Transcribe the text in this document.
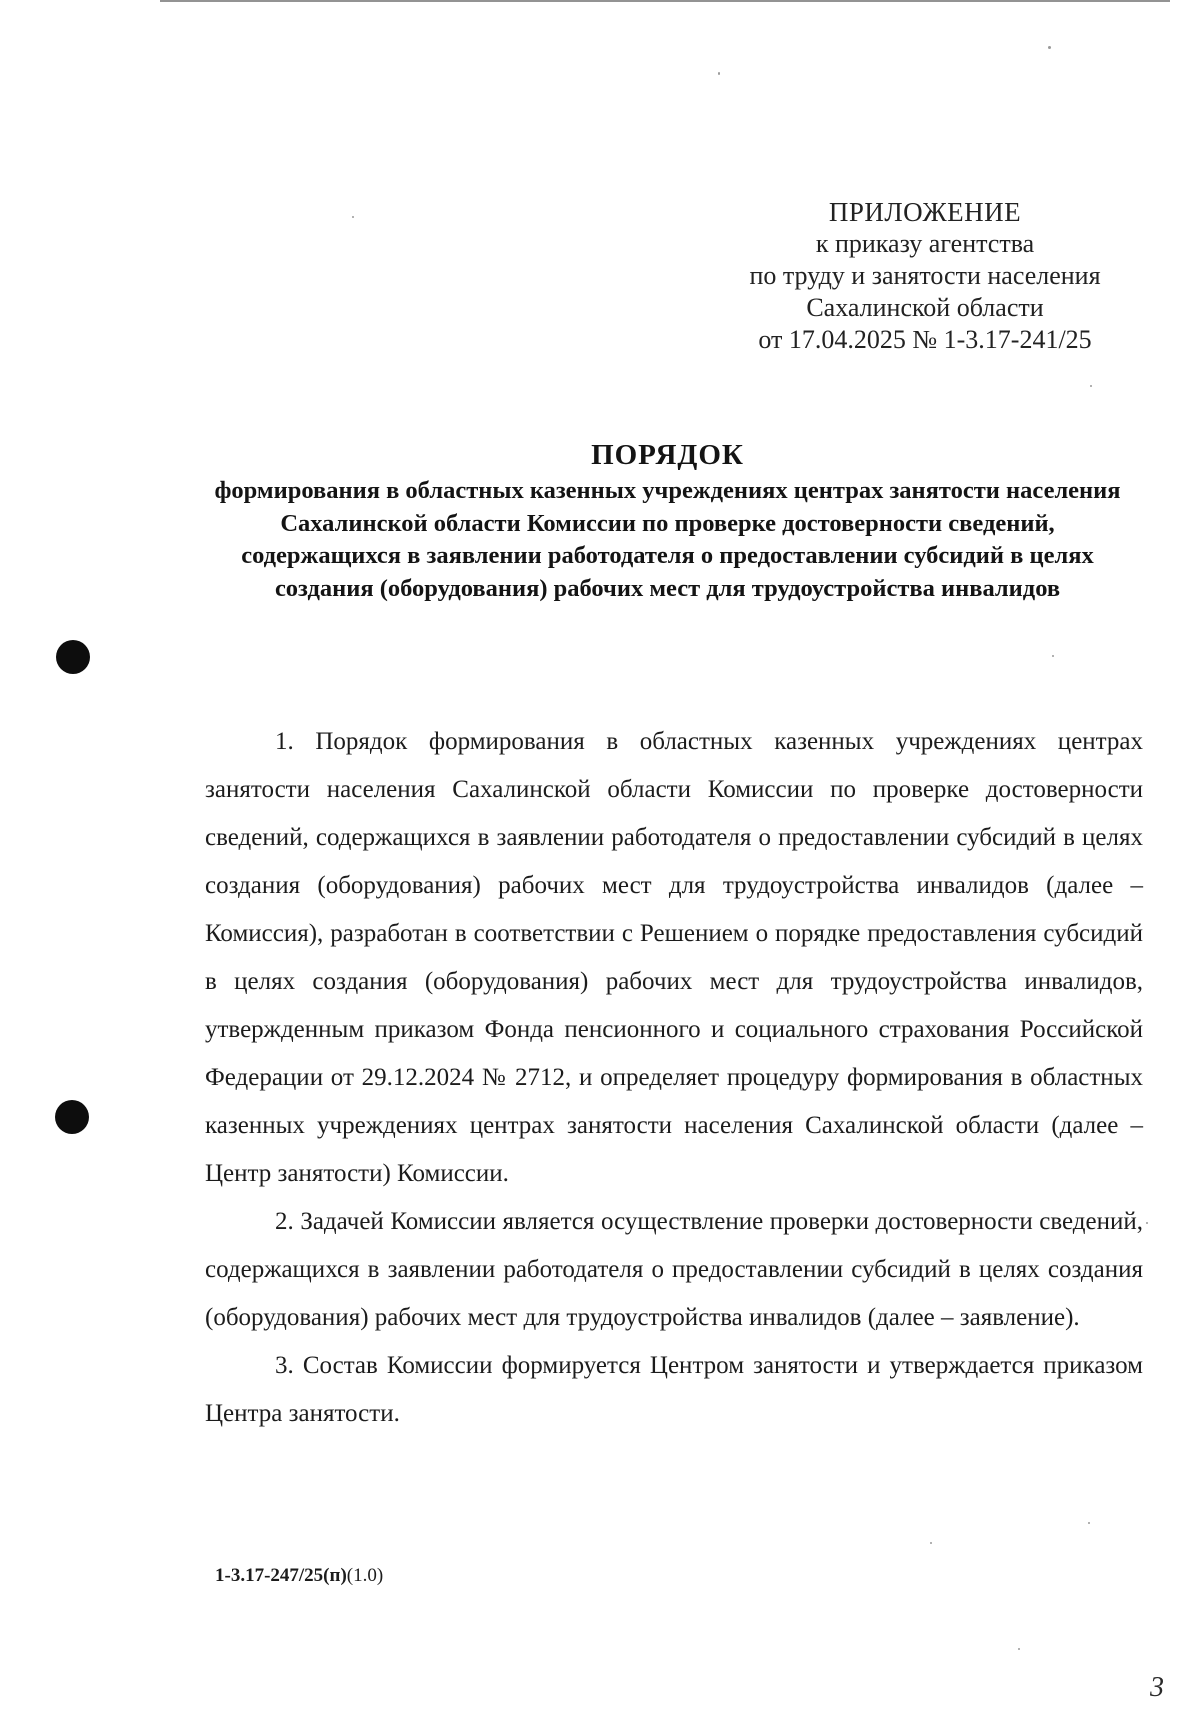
ПРИЛОЖЕНИЕ
к приказу агентства
по труду и занятости населения
Сахалинской области
от 17.04.2025 № 1-3.17-241/25
ПОРЯДОК
формирования в областных казенных учреждениях центрах занятости населения Сахалинской области Комиссии по проверке достоверности сведений, содержащихся в заявлении работодателя о предоставлении субсидий в целях создания (оборудования) рабочих мест для трудоустройства инвалидов

1. Порядок формирования в областных казенных учреждениях центрах занятости населения Сахалинской области Комиссии по проверке достоверности сведений, содержащихся в заявлении работодателя о предоставлении субсидий в целях создания (оборудования) рабочих мест для трудоустройства инвалидов (далее – Комиссия), разработан в соответствии с Решением о порядке предоставления субсидий в целях создания (оборудования) рабочих мест для трудоустройства инвалидов, утвержденным приказом Фонда пенсионного и социального страхования Российской Федерации от 29.12.2024 № 2712, и определяет процедуру формирования в областных казенных учреждениях центрах занятости населения Сахалинской области (далее – Центр занятости) Комиссии.

2. Задачей Комиссии является осуществление проверки достоверности сведений, содержащихся в заявлении работодателя о предоставлении субсидий в целях создания (оборудования) рабочих мест для трудоустройства инвалидов (далее – заявление).

3. Состав Комиссии формируется Центром занятости и утверждается приказом Центра занятости.

1-3.17-247/25(п)(1.0)
3
